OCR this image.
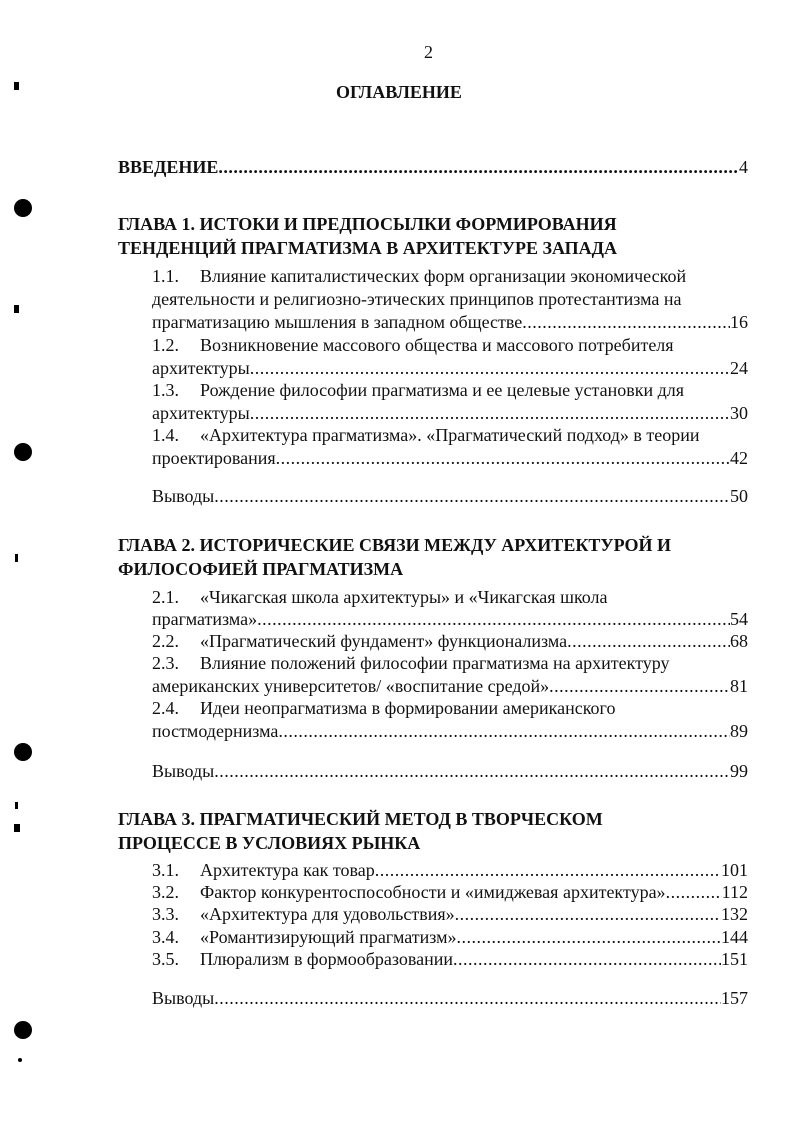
2
ОГЛАВЛЕНИЕ
ВВЕДЕНИЕ .....	4
ГЛАВА 1. ИСТОКИ И ПРЕДПОСЫЛКИ ФОРМИРОВАНИЯ
ТЕНДЕНЦИЙ ПРАГМАТИЗМА В АРХИТЕКТУРЕ ЗАПАДА
1.1. Влияние капиталистических форм организации экономической
деятельности и религиозно-этических принципов протестантизма на
прагматизацию мышления в западном обществе .....	16
1.2. Возникновение массового общества и массового потребителя
архитектуры .....	24
1.3. Рождение философии прагматизма и ее целевые установки для
архитектуры .....	30
1.4. «Архитектура прагматизма». «Прагматический подход» в теории
проектирования .....	42
Выводы .....	50
ГЛАВА 2. ИСТОРИЧЕСКИЕ СВЯЗИ МЕЖДУ АРХИТЕКТУРОЙ И
ФИЛОСОФИЕЙ ПРАГМАТИЗМА
2.1. «Чикагская школа архитектуры» и «Чикагская школа
прагматизма» .....	54
2.2. «Прагматический фундамент» функционализма .....	68
2.3. Влияние положений философии прагматизма на архитектуру
американских университетов/ «воспитание средой» .....	81
2.4. Идеи неопрагматизма в формировании американского
постмодернизма .....	89
Выводы .....	99
ГЛАВА 3. ПРАГМАТИЧЕСКИЙ МЕТОД В ТВОРЧЕСКОМ
ПРОЦЕССЕ В УСЛОВИЯХ РЫНКА
3.1. Архитектура как товар .....	101
3.2. Фактор конкурентоспособности и «имиджевая архитектура» .....	112
3.3. «Архитектура для удовольствия» .....	132
3.4. «Романтизирующий прагматизм» .....	144
3.5. Плюрализм в формообразовании .....	151
Выводы .....	157
